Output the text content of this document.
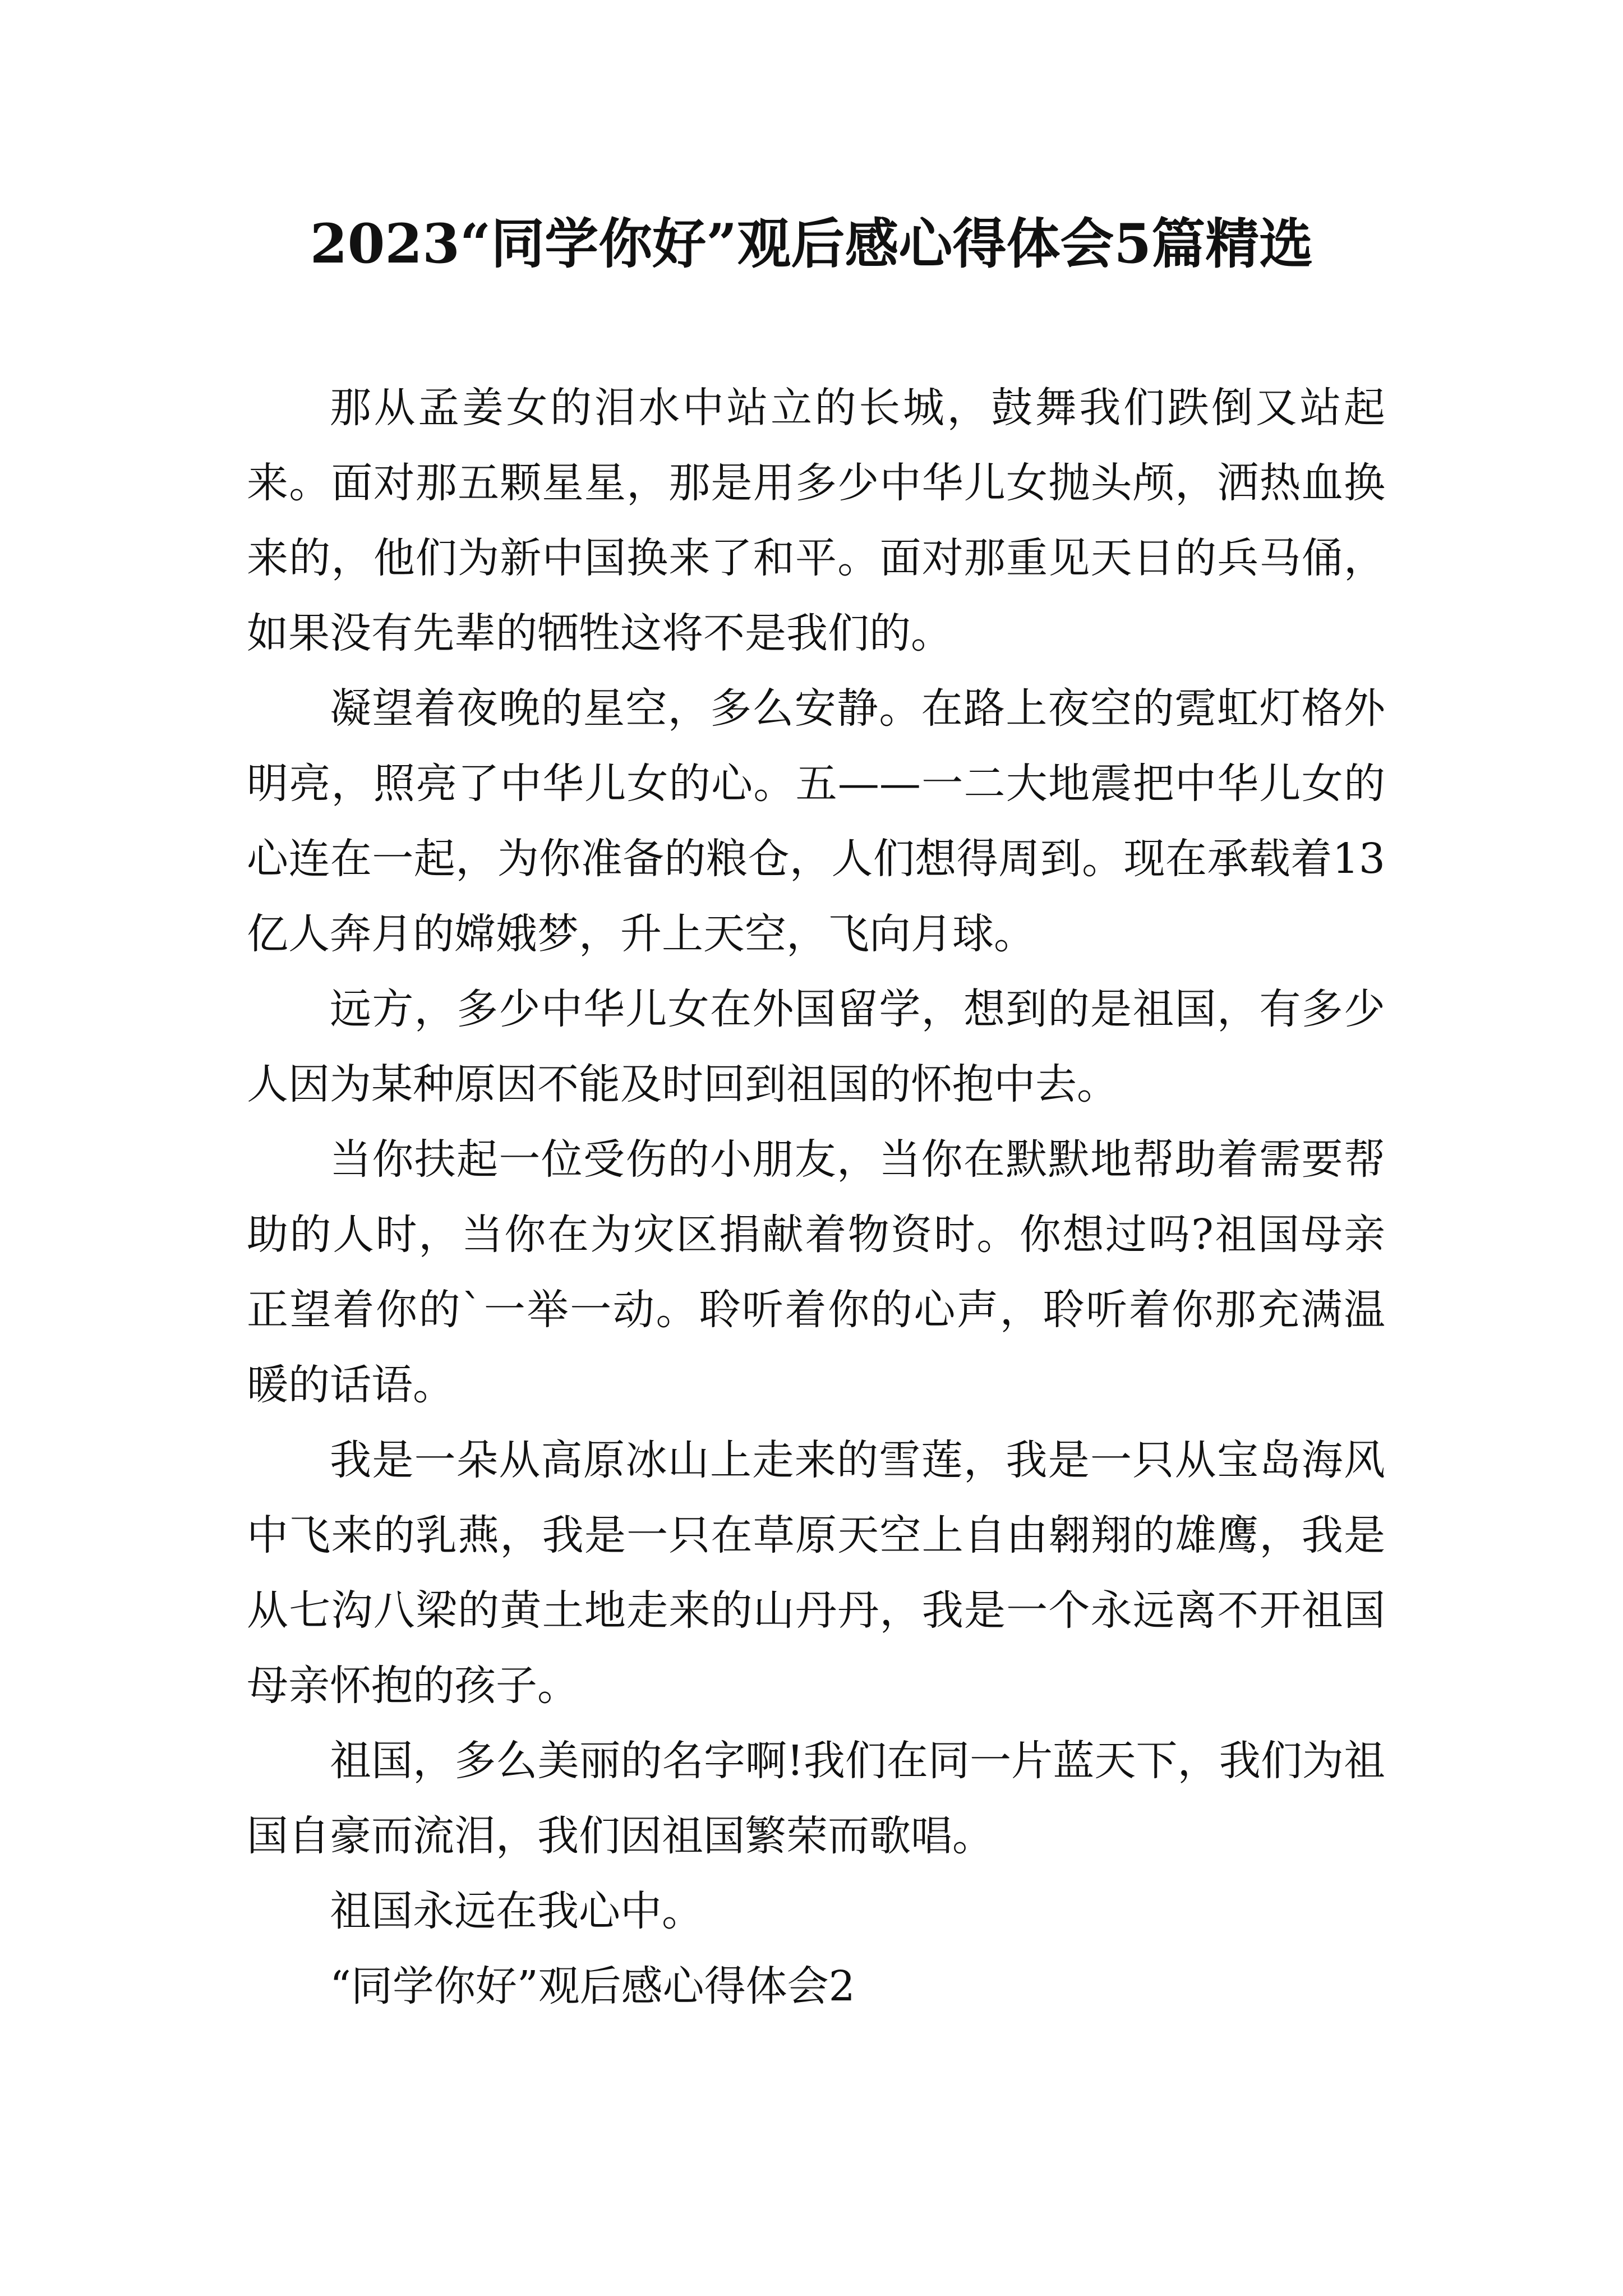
2023“同学你好”观后感心得体会5篇精选

那从孟姜女的泪水中站立的长城，鼓舞我们跌倒又站起来。面对那五颗星星，那是用多少中华儿女抛头颅，洒热血换来的，他们为新中国换来了和平。面对那重见天日的兵马俑，如果没有先辈的牺牲这将不是我们的。

凝望着夜晚的星空，多么安静。在路上夜空的霓虹灯格外明亮，照亮了中华儿女的心。五——一二大地震把中华儿女的心连在一起，为你准备的粮仓，人们想得周到。现在承载着13亿人奔月的嫦娥梦，升上天空，飞向月球。

远方，多少中华儿女在外国留学，想到的是祖国，有多少人因为某种原因不能及时回到祖国的怀抱中去。

当你扶起一位受伤的小朋友，当你在默默地帮助着需要帮助的人时，当你在为灾区捐献着物资时。你想过吗?祖国母亲正望着你的`一举一动。聆听着你的心声，聆听着你那充满温暖的话语。

我是一朵从高原冰山上走来的雪莲，我是一只从宝岛海风中飞来的乳燕，我是一只在草原天空上自由翱翔的雄鹰，我是从七沟八梁的黄土地走来的山丹丹，我是一个永远离不开祖国母亲怀抱的孩子。

祖国，多么美丽的名字啊!我们在同一片蓝天下，我们为祖国自豪而流泪，我们因祖国繁荣而歌唱。

祖国永远在我心中。

“同学你好”观后感心得体会2
